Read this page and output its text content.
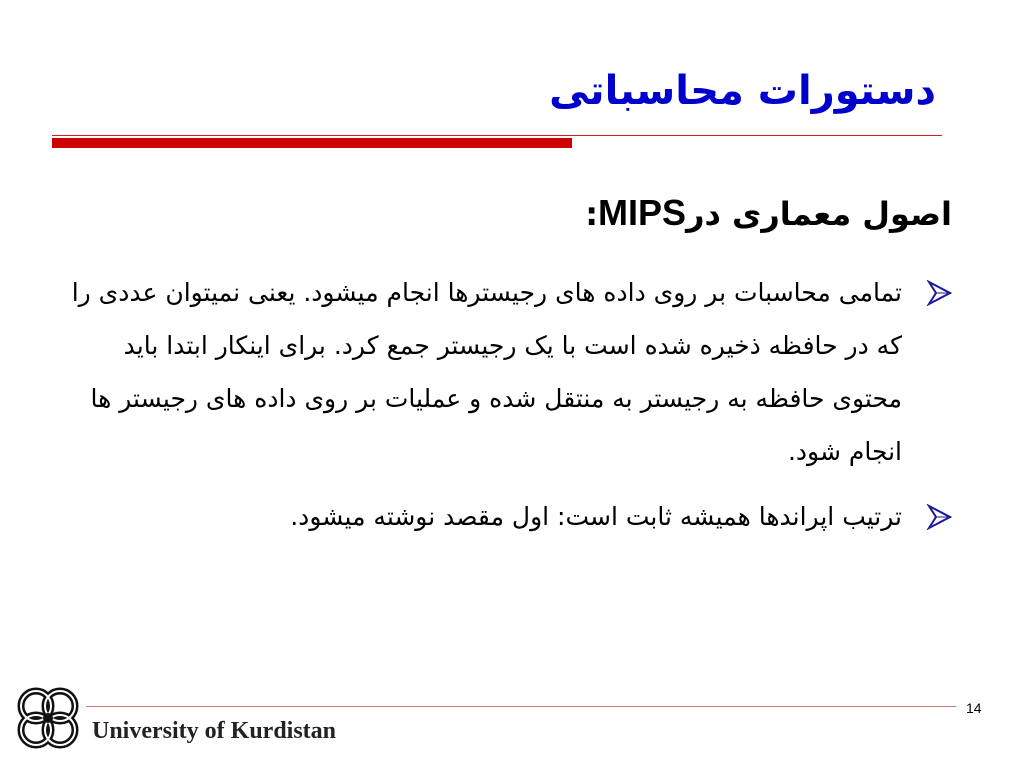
دستورات محاسباتی
اصول معماری درMIPS:
تمامی محاسبات بر روی داده های رجیسترها انجام میشود. یعنی نمیتوان عددی را که در حافظه ذخیره شده است با یک رجیستر جمع کرد. برای اینکار ابتدا باید محتوی حافظه به رجیستر به منتقل شده و عملیات بر روی داده های رجیستر ها انجام شود.
ترتیب اپراندها همیشه ثابت است: اول مقصد نوشته میشود.
14
University of Kurdistan
